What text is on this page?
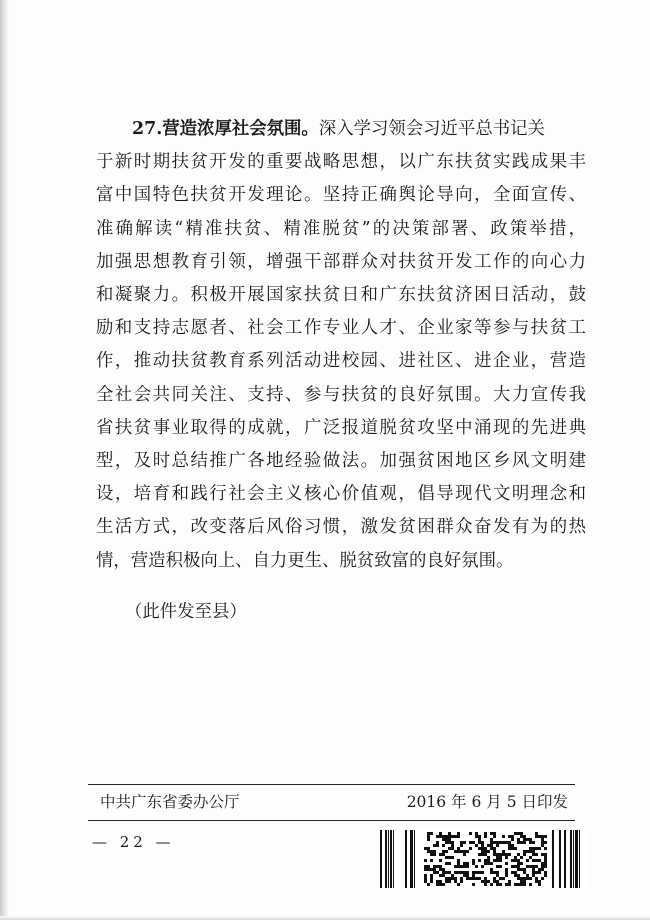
27.营造浓厚社会氛围。深入学习领会习近平总书记关
于新时期扶贫开发的重要战略思想，以广东扶贫实践成果丰
富中国特色扶贫开发理论。坚持正确舆论导向，全面宣传、
准确解读“精准扶贫、精准脱贫”的决策部署、政策举措，
加强思想教育引领，增强干部群众对扶贫开发工作的向心力
和凝聚力。积极开展国家扶贫日和广东扶贫济困日活动，鼓
励和支持志愿者、社会工作专业人才、企业家等参与扶贫工
作，推动扶贫教育系列活动进校园、进社区、进企业，营造
全社会共同关注、支持、参与扶贫的良好氛围。大力宣传我
省扶贫事业取得的成就，广泛报道脱贫攻坚中涌现的先进典
型，及时总结推广各地经验做法。加强贫困地区乡风文明建
设，培育和践行社会主义核心价值观，倡导现代文明理念和
生活方式，改变落后风俗习惯，激发贫困群众奋发有为的热
情，营造积极向上、自力更生、脱贫致富的良好氛围。

（此件发至县）

中共广东省委办公厅	2016 年 6 月 5 日印发
— 22 —
